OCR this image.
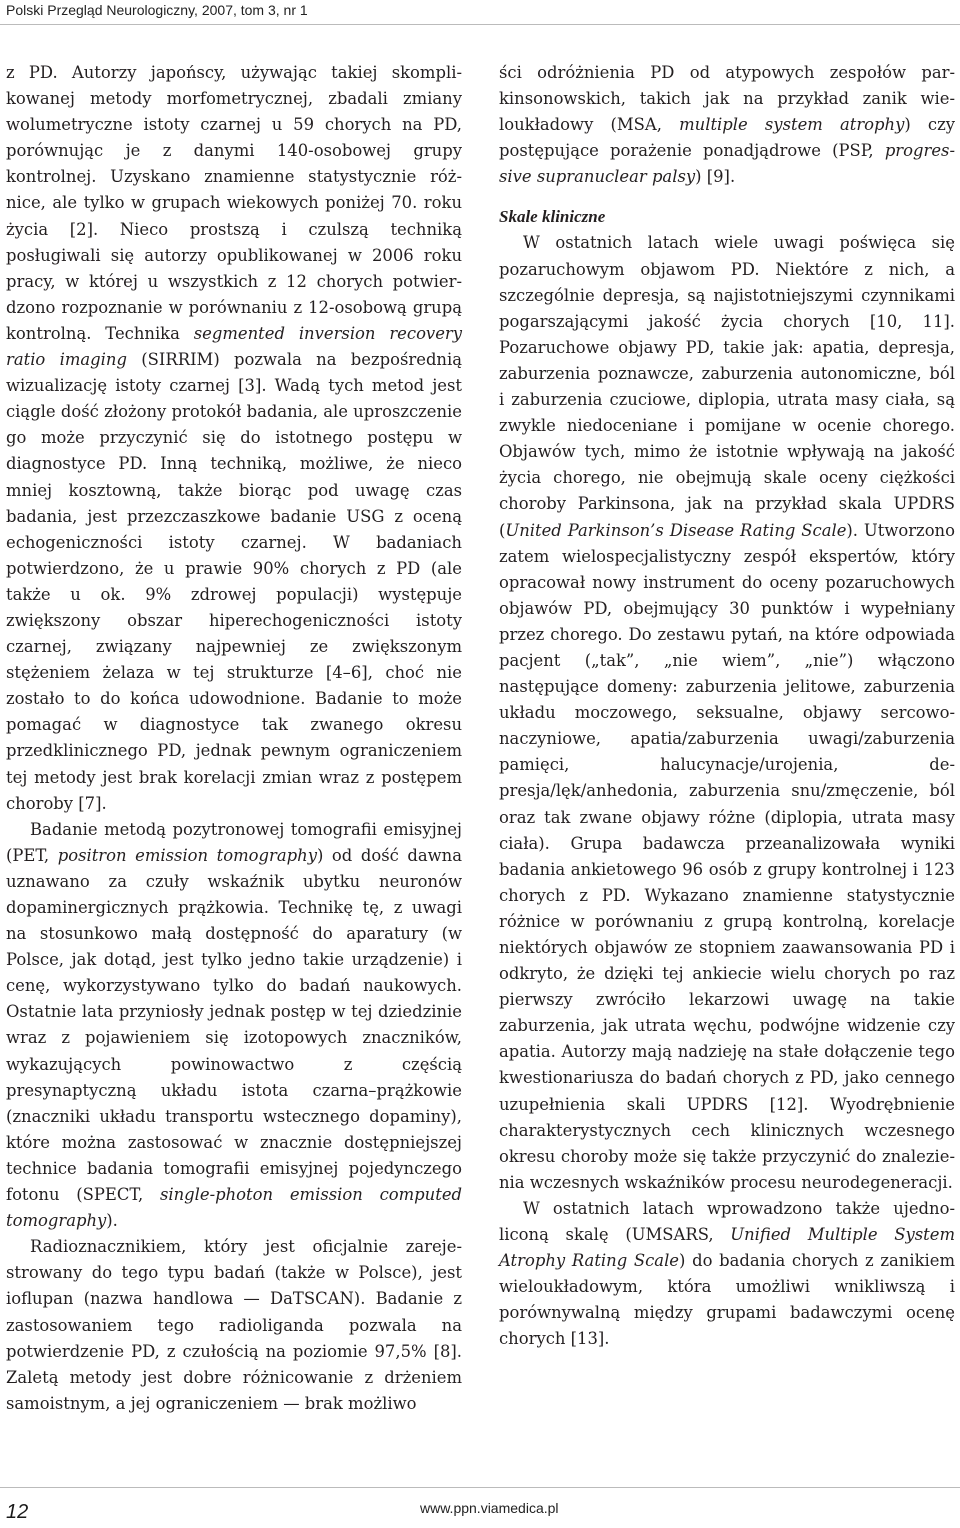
Polski Przegląd Neurologiczny, 2007, tom 3, nr 1

z PD. Autorzy japońscy, używając takiej skomplikowanej metody morfometrycznej, zbadali zmiany wolumetryczne istoty czarnej u 59 chorych na PD, porównując je z danymi 140-osobowej grupy kontrolnej. Uzyskano znamienne statystycznie różnice, ale tylko w grupach wiekowych poniżej 70. roku życia [2]. Nieco prostszą i czulszą techniką posługiwali się autorzy opublikowanej w 2006 roku pracy, w której u wszystkich z 12 chorych potwierdzono rozpoznanie w porównaniu z 12-osobową grupą kontrolną. Technika segmented inversion recovery ratio imaging (SIRRIM) pozwala na bezpośrednią wizualizację istoty czarnej [3]. Wadą tych metod jest ciągle dość złożony protokół badania, ale uproszczenie go może przyczynić się do istotnego postępu w diagnostyce PD. Inną techniką, możliwe, że nieco mniej kosztowną, także biorąc pod uwagę czas badania, jest przezczaszkowe badanie USG z oceną echogeniczności istoty czarnej. W badaniach potwierdzono, że u prawie 90% chorych z PD (ale także u ok. 9% zdrowej populacji) występuje zwiększony obszar hiperechogeniczności istoty czarnej, związany najpewniej ze zwiększonym stężeniem żelaza w tej strukturze [4–6], choć nie zostało to do końca udowodnione. Badanie to może pomagać w diagnostyce tak zwanego okresu przedklinicznego PD, jednak pewnym ograniczeniem tej metody jest brak korelacji zmian wraz z postępem choroby [7].

Badanie metodą pozytronowej tomografii emisyjnej (PET, positron emission tomography) od dość dawna uznawano za czuły wskaźnik ubytku neuronów dopaminergicznych prążkowia. Technikę tę, z uwagi na stosunkowo małą dostępność do aparatury (w Polsce, jak dotąd, jest tylko jedno takie urządzenie) i cenę, wykorzystywano tylko do badań naukowych. Ostatnie lata przyniosły jednak postęp w tej dziedzinie wraz z pojawieniem się izotopowych znaczników, wykazujących powinowactwo z częścią presynaptyczną układu istota czarna–prążkowie (znaczniki układu transportu wstecznego dopaminy), które można zastosować w znacznie dostępniejszej technice badania tomografii emisyjnej pojedynczego fotonu (SPECT, single-photon emission computed tomography).

Radioznacznikiem, który jest oficjalnie zarejestrowany do tego typu badań (także w Polsce), jest ioflupan (nazwa handlowa — DaTSCAN). Badanie z zastosowaniem tego radioliganda pozwala na potwierdzenie PD, z czułością na poziomie 97,5% [8]. Zaletą metody jest dobre różnicowanie z drżeniem samoistnym, a jej ograniczeniem — brak możliwo

ści odróżnienia PD od atypowych zespołów parkinsonowskich, takich jak na przykład zanik wieloukładowy (MSA, multiple system atrophy) czy postępujące porażenie ponadjądrowe (PSP, progressive supranuclear palsy) [9].

Skale kliniczne

W ostatnich latach wiele uwagi poświęca się pozaruchowym objawom PD. Niektóre z nich, a szczególnie depresja, są najistotniejszymi czynnikami pogarszającymi jakość życia chorych [10, 11]. Pozaruchowe objawy PD, takie jak: apatia, depresja, zaburzenia poznawcze, zaburzenia autonomiczne, ból i zaburzenia czuciowe, diplopia, utrata masy ciała, są zwykle niedoceniane i pomijane w ocenie chorego. Objawów tych, mimo że istotnie wpływają na jakość życia chorego, nie obejmują skale oceny ciężkości choroby Parkinsona, jak na przykład skala UPDRS (United Parkinson’s Disease Rating Scale). Utworzono zatem wielospecjalistyczny zespół ekspertów, który opracował nowy instrument do oceny pozaruchowych objawów PD, obejmujący 30 punktów i wypełniany przez chorego. Do zestawu pytań, na które odpowiada pacjent („tak”, „nie wiem”, „nie”) włączono następujące domeny: zaburzenia jelitowe, zaburzenia układu moczowego, seksualne, objawy sercowo-naczyniowe, apatia/zaburzenia uwagi/zaburzenia pamięci, halucynacje/urojenia, depresja/lęk/anhedonia, zaburzenia snu/zmęczenie, ból oraz tak zwane objawy różne (diplopia, utrata masy ciała). Grupa badawcza przeanalizowała wyniki badania ankietowego 96 osób z grupy kontrolnej i 123 chorych z PD. Wykazano znamienne statystycznie różnice w porównaniu z grupą kontrolną, korelacje niektórych objawów ze stopniem zaawansowania PD i odkryto, że dzięki tej ankiecie wielu chorych po raz pierwszy zwróciło lekarzowi uwagę na takie zaburzenia, jak utrata węchu, podwójne widzenie czy apatia. Autorzy mają nadzieję na stałe dołączenie tego kwestionariusza do badań chorych z PD, jako cennego uzupełnienia skali UPDRS [12]. Wyodrębnienie charakterystycznych cech klinicznych wczesnego okresu choroby może się także przyczynić do znalezienia wczesnych wskaźników procesu neurodegeneracji.

W ostatnich latach wprowadzono także ujednoliconą skalę (UMSARS, Unified Multiple System Atrophy Rating Scale) do badania chorych z zanikiem wieloukładowym, która umożliwi wnikliwszą i porównywalną między grupami badawczymi ocenę chorych [13].

12	www.ppn.viamedica.pl
